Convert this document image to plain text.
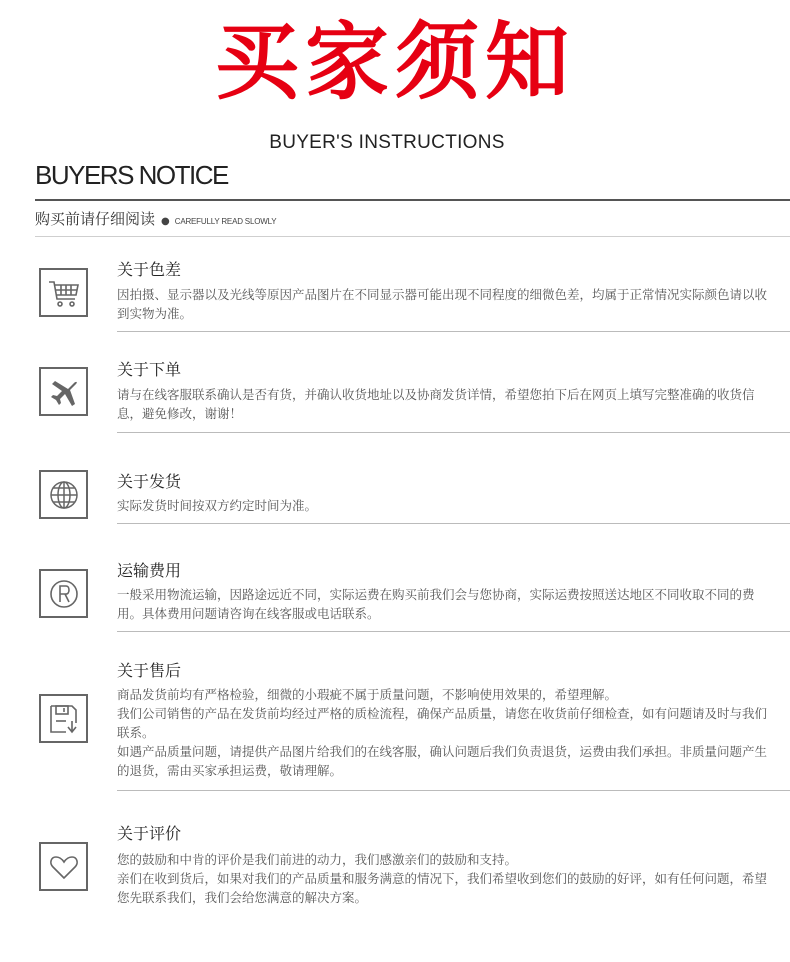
买家须知
BUYER'S INSTRUCTIONS
BUYERS NOTICE
购买前请仔细阅读 ● CAREFULLY READ SLOWLY
关于色差

因拍摄、显示器以及光线等原因产品图片在不同显示器可能出现不同程度的细微色差，均属于正常情况实际颜色请以收到实物为准。

关于下单

请与在线客服联系确认是否有货，并确认收货地址以及协商发货详情，希望您拍下后在网页上填写完整准确的收货信息，避免修改，谢谢！

关于发货

实际发货时间按双方约定时间为准。

运输费用

一般采用物流运输，因路途远近不同，实际运费在购买前我们会与您协商，实际运费按照送达地区不同收取不同的费用。具体费用问题请咨询在线客服或电话联系。

关于售后

商品发货前均有严格检验，细微的小瑕疵不属于质量问题，不影响使用效果的，希望理解。

我们公司销售的产品在发货前均经过严格的质检流程，确保产品质量，请您在收货前仔细检查，如有问题请及时与我们联系。

如遇产品质量问题，请提供产品图片给我们的在线客服，确认问题后我们负责退货，运费由我们承担。非质量问题产生的退货，需由买家承担运费，敬请理解。

关于评价

您的鼓励和中肯的评价是我们前进的动力，我们感激亲们的鼓励和支持。

亲们在收到货后，如果对我们的产品质量和服务满意的情况下，我们希望收到您们的鼓励的好评，如有任何问题，希望您先联系我们，我们会给您满意的解决方案。
